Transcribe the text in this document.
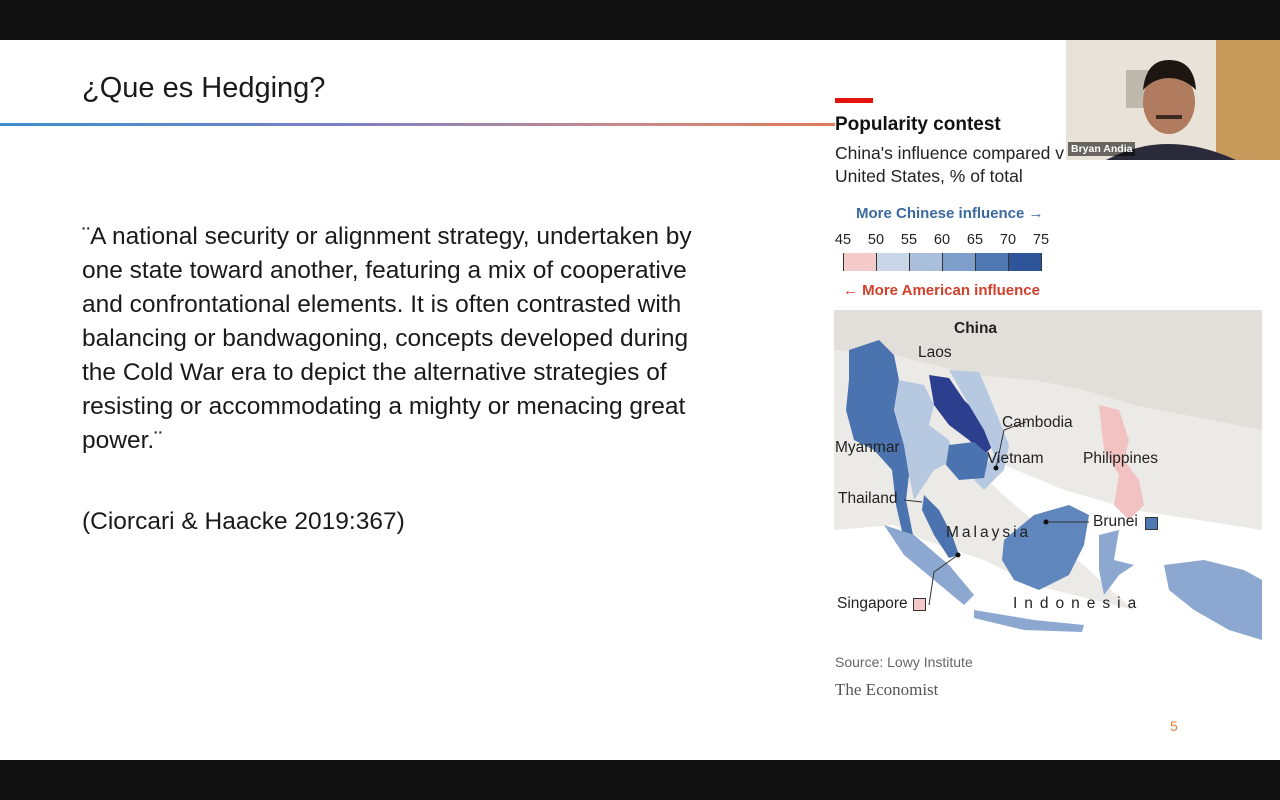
¿Que es Hedging?
¨A national security or alignment strategy, undertaken by one state toward another, featuring a mix of cooperative and confrontational elements. It is often contrasted with balancing or bandwagoning, concepts developed during the Cold War era to depict the alternative strategies of resisting or accommodating a mighty or menacing great power.¨
(Ciorcari & Haacke 2019:367)
5
Popularity contest
China's influence compared v United States, % of total
More Chinese influence →
45	50	55	60	65	70	75
← More American influence
China
Laos
Cambodia
Myanmar
Vietnam	Philippines
Thailand
Brunei
Malaysia
Singapore	Indonesia
Source: Lowy Institute
The Economist
Bryan Andia
